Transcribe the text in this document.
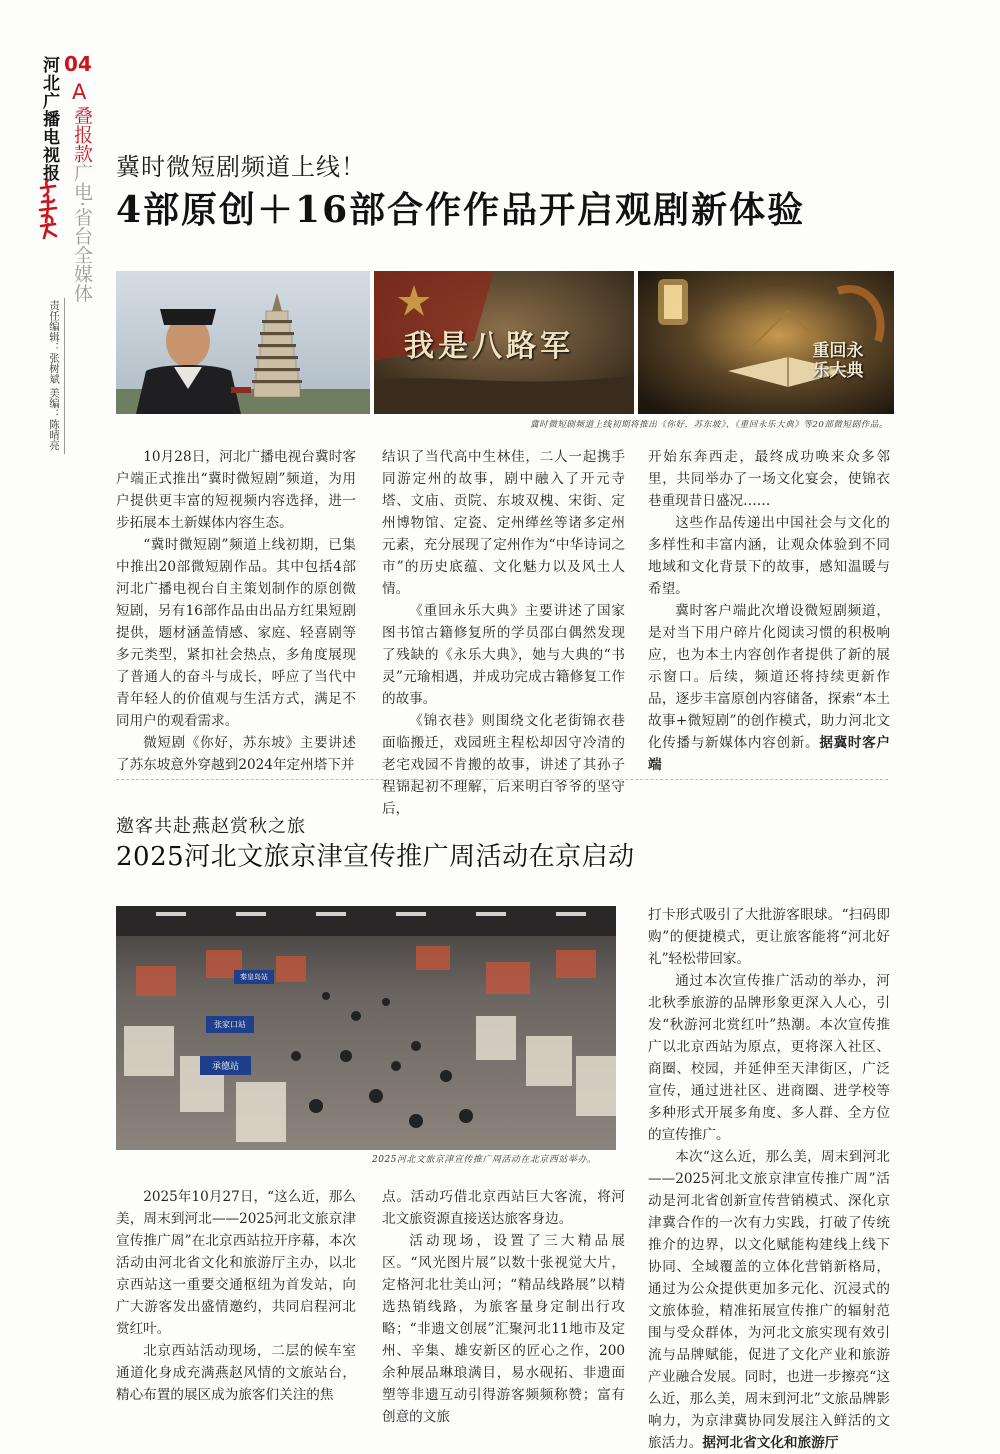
河北广播电视报 04
A
叠报款广电·省台全媒体
责任编辑：张树斌 美编：陈晴亮
冀时微短剧频道上线！
4部原创＋16部合作作品开启观剧新体验
我是八路军	重回永乐大典
冀时微短剧频道上线初期将推出《你好，苏东坡》、《重回永乐大典》等20部微短剧作品。

10月28日，河北广播电视台冀时客户端正式推出“冀时微短剧”频道，为用户提供更丰富的短视频内容选择，进一步拓展本土新媒体内容生态。

“冀时微短剧”频道上线初期，已集中推出20部微短剧作品。其中包括4部河北广播电视台自主策划制作的原创微短剧，另有16部作品由出品方红果短剧提供，题材涵盖情感、家庭、轻喜剧等多元类型，紧扣社会热点，多角度展现了普通人的奋斗与成长，呼应了当代中青年轻人的价值观与生活方式，满足不同用户的观看需求。

微短剧《你好，苏东坡》主要讲述了苏东坡意外穿越到2024年定州塔下并

结识了当代高中生林佳，二人一起携手同游定州的故事，剧中融入了开元寺塔、文庙、贡院、东坡双槐、宋街、定州博物馆、定瓷、定州缂丝等诸多定州元素，充分展现了定州作为“中华诗词之市”的历史底蕴、文化魅力以及风土人情。

《重回永乐大典》主要讲述了国家图书馆古籍修复所的学员邵白偶然发现了残缺的《永乐大典》，她与大典的“书灵”元瑜相遇，并成功完成古籍修复工作的故事。

《锦衣巷》则围绕文化老街锦衣巷面临搬迁，戏园班主程松却因守冷清的老宅戏园不肯搬的故事，讲述了其孙子程锦起初不理解，后来明白爷爷的坚守后，

开始东奔西走，最终成功唤来众多邻里，共同举办了一场文化宴会，使锦衣巷重现昔日盛况……

这些作品传递出中国社会与文化的多样性和丰富内涵，让观众体验到不同地域和文化背景下的故事，感知温暖与希望。

冀时客户端此次增设微短剧频道，是对当下用户碎片化阅读习惯的积极响应，也为本土内容创作者提供了新的展示窗口。后续，频道还将持续更新作品，逐步丰富原创内容储备，探索“本土故事+微短剧”的创作模式，助力河北文化传播与新媒体内容创新。据冀时客户端

邀客共赴燕赵赏秋之旅
2025河北文旅京津宣传推广周活动在京启动
秦皇岛站
张家口站
承德站
2025河北文旅京津宣传推广周活动在北京西站举办。

2025年10月27日，“这么近，那么美，周末到河北——2025河北文旅京津宣传推广周”在北京西站拉开序幕，本次活动由河北省文化和旅游厅主办，以北京西站这一重要交通枢纽为首发站，向广大游客发出盛情邀约，共同启程河北赏红叶。

北京西站活动现场，二层的候车室通道化身成充满燕赵风情的文旅站台，精心布置的展区成为旅客们关注的焦

点。活动巧借北京西站巨大客流，将河北文旅资源直接送达旅客身边。

活动现场，设置了三大精品展区。“风光图片展”以数十张视觉大片，定格河北壮美山河；“精品线路展”以精选热销线路，为旅客量身定制出行攻略；“非遗文创展”汇聚河北11地市及定州、辛集、雄安新区的匠心之作，200余种展品琳琅满目，易水砚拓、非遗面塑等非遗互动引得游客频频称赞；富有创意的文旅

打卡形式吸引了大批游客眼球。“扫码即购”的便捷模式，更让旅客能将“河北好礼”轻松带回家。

通过本次宣传推广活动的举办，河北秋季旅游的品牌形象更深入人心，引发“秋游河北赏红叶”热潮。本次宣传推广以北京西站为原点，更将深入社区、商圈、校园，并延伸至天津街区，广泛宣传，通过进社区、进商圈、进学校等多种形式开展多角度、多人群、全方位的宣传推广。

本次“这么近，那么美，周末到河北——2025河北文旅京津宣传推广周”活动是河北省创新宣传营销模式、深化京津冀合作的一次有力实践，打破了传统推介的边界，以文化赋能构建线上线下协同、全域覆盖的立体化营销新格局，通过为公众提供更加多元化、沉浸式的文旅体验，精准拓展宣传推广的辐射范围与受众群体，为河北文旅实现有效引流与品牌赋能，促进了文化产业和旅游产业融合发展。同时，也进一步擦亮“这么近，那么美，周末到河北”文旅品牌影响力，为京津冀协同发展注入鲜活的文旅活力。据河北省文化和旅游厅
